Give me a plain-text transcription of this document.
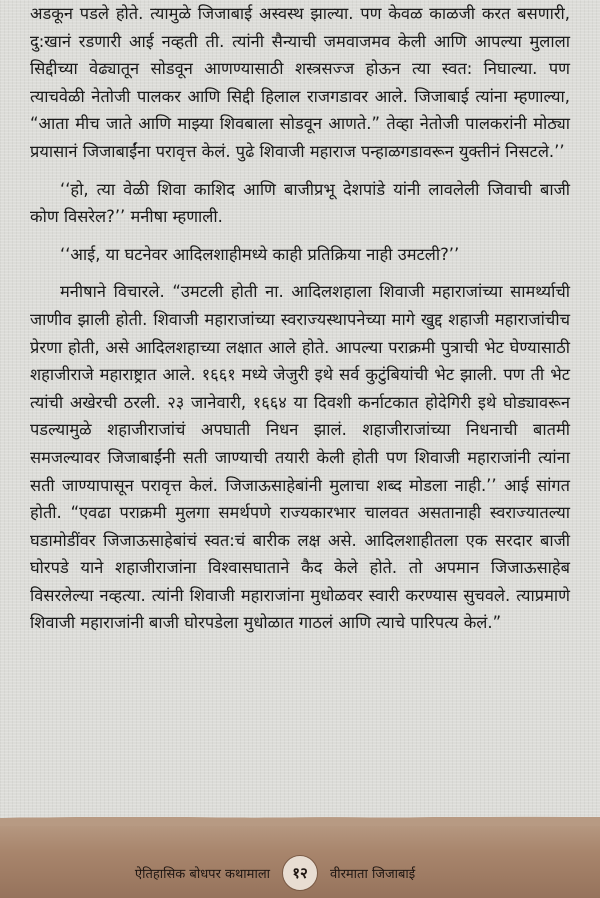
अडकून पडले होते. त्यामुळे जिजाबाई अस्वस्थ झाल्या. पण केवळ काळजी करत बसणारी, दु:खानं रडणारी आई नव्हती ती. त्यांनी सैन्याची जमवाजमव केली आणि आपल्या मुलाला सिद्दीच्या वेढ्यातून सोडवून आणण्यासाठी शस्त्रसज्ज होऊन त्या स्वत: निघाल्या. पण त्याचवेळी नेतोजी पालकर आणि सिद्दी हिलाल राजगडावर आले. जिजाबाई त्यांना म्हणाल्या, “आता मीच जाते आणि माझ्या शिवबाला सोडवून आणते.” तेव्हा नेतोजी पालकरांनी मोठ्या प्रयासानं जिजाबाईंना परावृत्त केलं. पुढे शिवाजी महाराज पन्हाळगडावरून युक्तीनं निसटले.’’

‘‘हो, त्या वेळी शिवा काशिद आणि बाजीप्रभू देशपांडे यांनी लावलेली जिवाची बाजी कोण विसरेल?’’ मनीषा म्हणाली.

‘‘आई, या घटनेवर आदिलशाहीमध्ये काही प्रतिक्रिया नाही उमटली?’’

मनीषाने विचारले. “उमटली होती ना. आदिलशहाला शिवाजी महाराजांच्या सामर्थ्याची जाणीव झाली होती. शिवाजी महाराजांच्या स्वराज्यस्थापनेच्या मागे खुद्द शहाजी महाराजांचीच प्रेरणा होती, असे आदिलशहाच्या लक्षात आले होते. आपल्या पराक्रमी पुत्राची भेट घेण्यासाठी शहाजीराजे महाराष्ट्रात आले. १६६१ मध्ये जेजुरी इथे सर्व कुटुंबियांची भेट झाली. पण ती भेट त्यांची अखेरची ठरली. २३ जानेवारी, १६६४ या दिवशी कर्नाटकात होदेगिरी इथे घोड्यावरून पडल्यामुळे शहाजीराजांचं अपघाती निधन झालं. शहाजीराजांच्या निधनाची बातमी समजल्यावर जिजाबाईंनी सती जाण्याची तयारी केली होती पण शिवाजी महाराजांनी त्यांना सती जाण्यापासून परावृत्त केलं. जिजाऊसाहेबांनी मुलाचा शब्द मोडला नाही.’’ आई सांगत होती. “एवढा पराक्रमी मुलगा समर्थपणे राज्यकारभार चालवत असतानाही स्वराज्यातल्या घडामोडींवर जिजाऊसाहेबांचं स्वत:चं बारीक लक्ष असे. आदिलशाहीतला एक सरदार बाजी घोरपडे याने शहाजीराजांना विश्वासघाताने कैद केले होते. तो अपमान जिजाऊसाहेब विसरलेल्या नव्हत्या. त्यांनी शिवाजी महाराजांना मुधोळवर स्वारी करण्यास सुचवले. त्याप्रमाणे शिवाजी महाराजांनी बाजी घोरपडेला मुधोळात गाठलं आणि त्याचे पारिपत्य केलं.”

ऐतिहासिक बोधपर कथामाला	१२	वीरमाता जिजाबाई
